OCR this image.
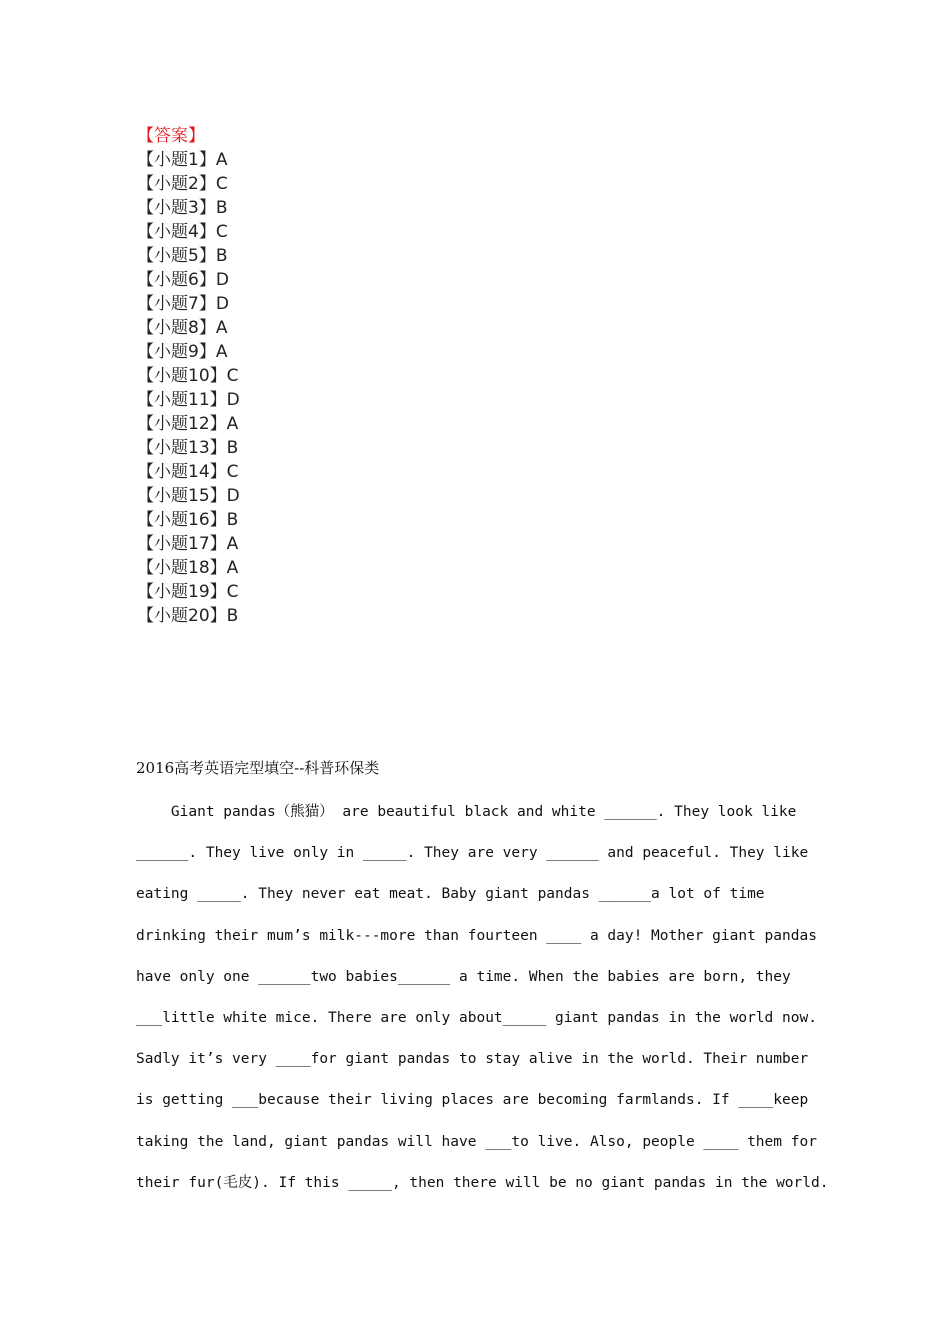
【答案】
【小题1】A
【小题2】C
【小题3】B
【小题4】C
【小题5】B
【小题6】D
【小题7】D
【小题8】A
【小题9】A
【小题10】C
【小题11】D
【小题12】A
【小题13】B
【小题14】C
【小题15】D
【小题16】B
【小题17】A
【小题18】A
【小题19】C
【小题20】B
2016高考英语完型填空--科普环保类
Giant pandas（熊猫） are beautiful black and white ______. They look like
______. They live only in _____. They are very ______ and peaceful. They like
eating _____. They never eat meat. Baby giant pandas ______a lot of time
drinking their mum’s milk---more than fourteen ____ a day! Mother giant pandas
have only one ______two babies______ a time. When the babies are born, they
___little white mice. There are only about_____ giant pandas in the world now.
Sadly it’s very ____for giant pandas to stay alive in the world. Their number
is getting ___because their living places are becoming farmlands. If ____keep
taking the land, giant pandas will have ___to live. Also, people ____ them for
their fur(毛皮). If this _____, then there will be no giant pandas in the world.
